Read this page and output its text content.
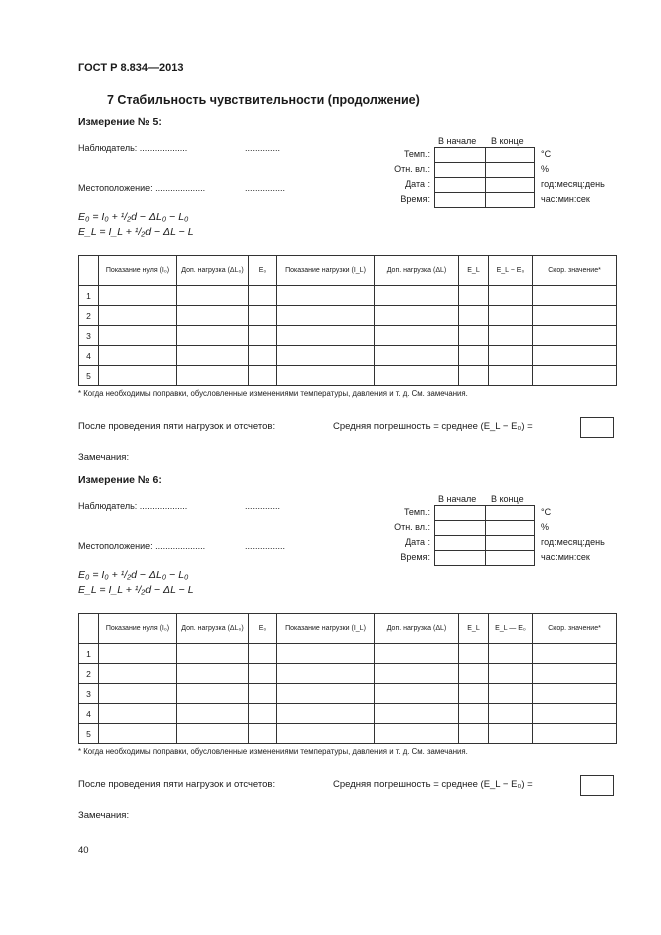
ГОСТ Р 8.834—2013
7 Стабильность чувствительности (продолжение)
Измерение № 5:
Наблюдатель: ...................	..............
Местоположение: ....................	................
В начале В конце
Темп.:	°С
Отн. вл.:	%
Дата :	год:месяц:день
Время:	час:мин:сек
E₀ = I₀ + ¹/₂d − ΔL₀ − L₀
E_L = I_L + ¹/₂d − ΔL − L
	Показание нуля (I₀)	Доп. нагрузка (ΔL₀)	E₀	Показание нагрузки (I_L)	Доп. нагрузка (ΔL)	E_L	E_L − E₀	Скор. значение*
1								
2								
3								
4								
5								
* Когда необходимы поправки, обусловленные изменениями температуры, давления и т. д. См. замечания.
После проведения пяти нагрузок и отсчетов:	Средняя погрешность = среднее (E_L − E₀) =
Замечания:
Измерение № 6:
Наблюдатель: ...................	..............
Местоположение: ....................	................
В начале В конце
Темп.:	°С
Отн. вл.:	%
Дата :	год:месяц:день
Время:	час:мин:сек
E₀ = I₀ + ¹/₂d − ΔL₀ − L₀
E_L = I_L + ¹/₂d − ΔL − L
	Показание нуля (I₀)	Доп. нагрузка (ΔL₀)	E₀	Показание нагрузки (I_L)	Доп. нагрузка (ΔL)	E_L	E_L — E₀	Скор. значение*
1								
2								
3								
4								
5								
* Когда необходимы поправки, обусловленные изменениями температуры, давления и т. д. См. замечания.
После проведения пяти нагрузок и отсчетов:	Средняя погрешность = среднее (E_L − E₀) =
Замечания:
40
